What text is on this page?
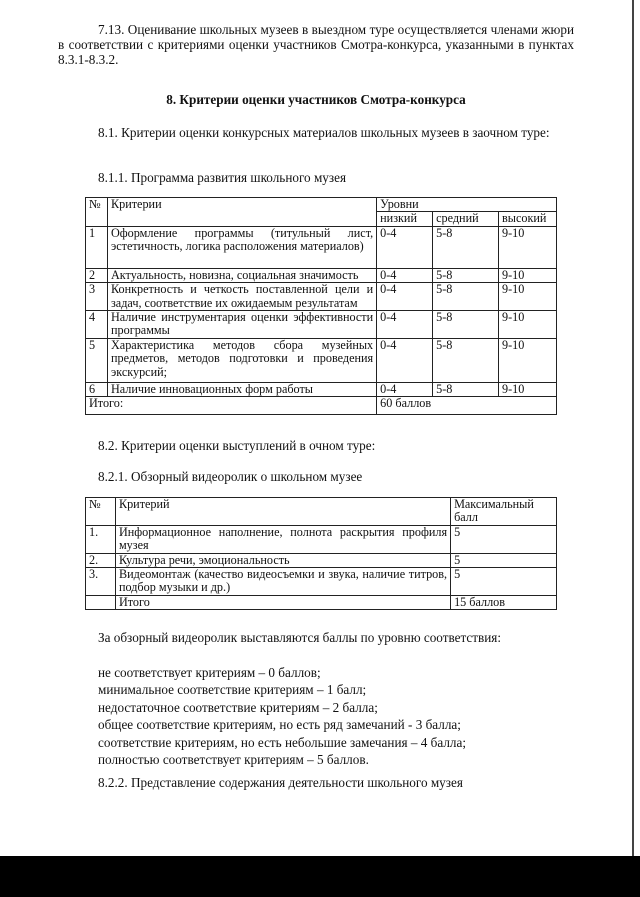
7.13. Оценивание школьных музеев в выездном туре осуществляется членами жюри в соответствии с критериями оценки участников Смотра-конкурса, указанными в пунктах 8.3.1-8.3.2.

8. Критерии оценки участников Смотра-конкурса

8.1. Критерии оценки конкурсных материалов школьных музеев в заочном туре:

8.1.1. Программа развития школьного музея

№	Критерии	Уровни		
		низкий	средний	высокий
1	Оформление программы (титульный лист, эстетичность, логика расположения материалов)	0-4	5-8	9-10
2	Актуальность, новизна, социальная значимость	0-4	5-8	9-10
3	Конкретность и четкость поставленной цели и задач, соответствие их ожидаемым результатам	0-4	5-8	9-10
4	Наличие инструментария оценки эффективности программы	0-4	5-8	9-10
5	Характеристика методов сбора музейных предметов, методов подготовки и проведения экскурсий;	0-4	5-8	9-10
6	Наличие инновационных форм работы	0-4	5-8	9-10
Итого:		60 баллов		

8.2. Критерии оценки выступлений в очном туре:

8.2.1. Обзорный видеоролик о школьном музее

№	Критерий	Максимальный балл
1.	Информационное наполнение, полнота раскрытия профиля музея	5
2.	Культура речи, эмоциональность	5
3.	Видеомонтаж (качество видеосъемки и звука, наличие титров, подбор музыки и др.)	5
	Итого	15 баллов

За обзорный видеоролик выставляются баллы по уровню соответствия:

не соответствует критериям – 0 баллов;
минимальное соответствие критериям – 1 балл;
недостаточное соответствие критериям – 2 балла;
общее соответствие критериям, но есть ряд замечаний - 3 балла;
соответствие критериям, но есть небольшие замечания – 4 балла;
полностью соответствует критериям – 5 баллов.

8.2.2. Представление содержания деятельности школьного музея
